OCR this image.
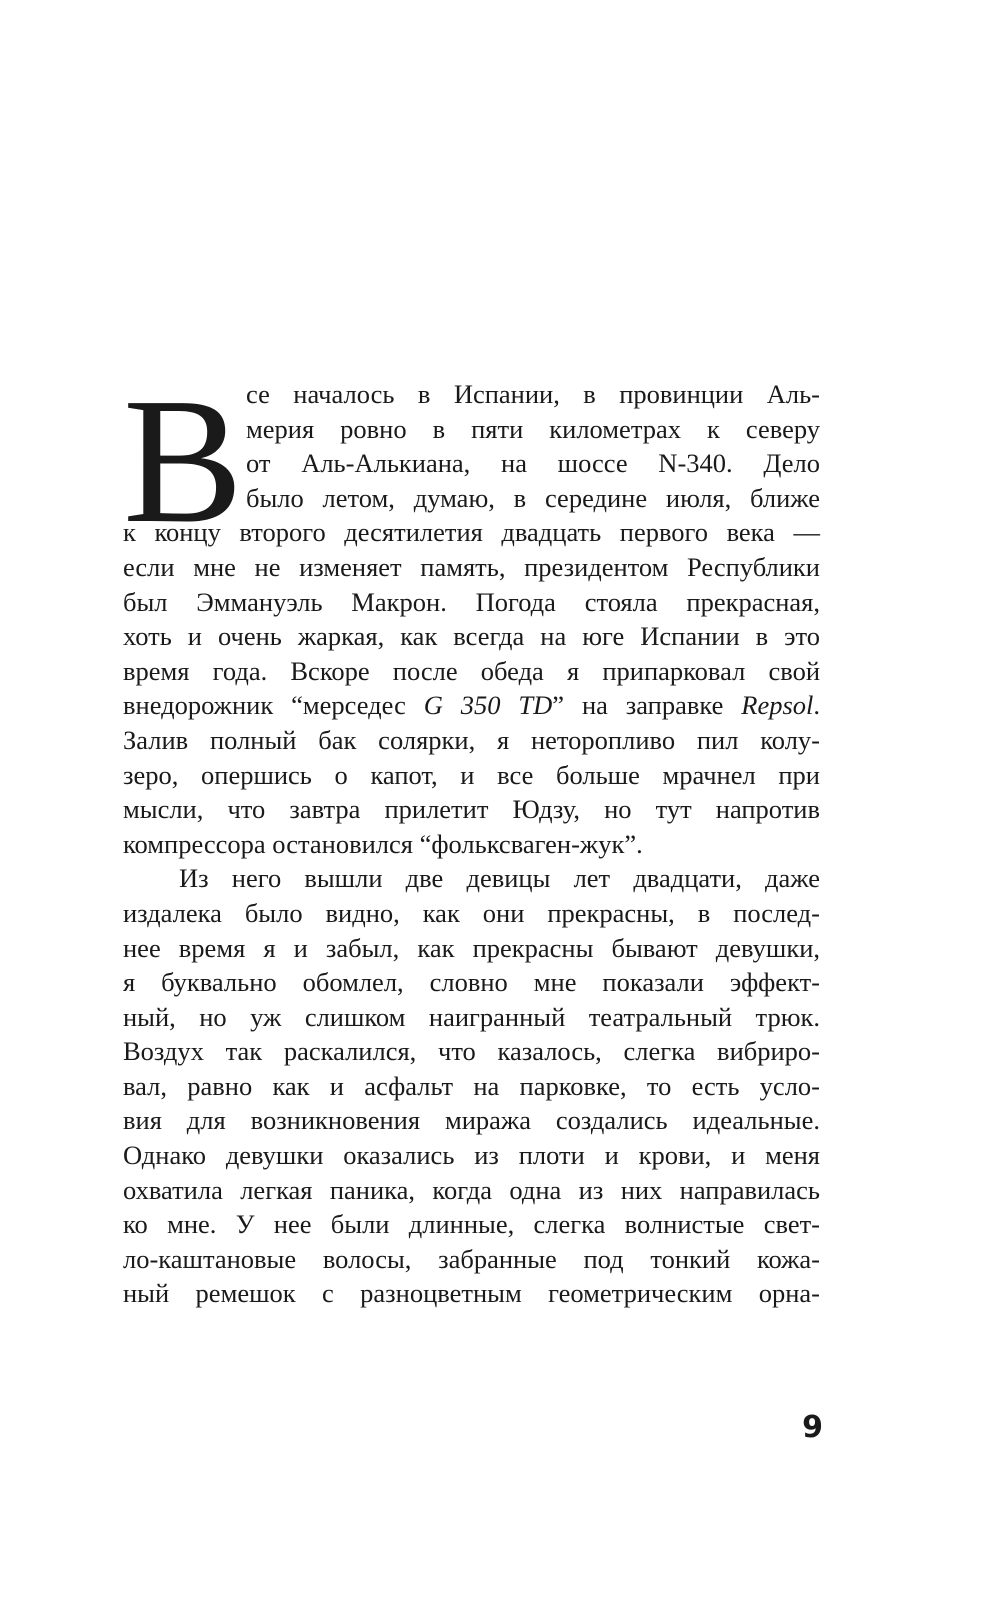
В се началось в Испании, в провинции Аль-
мерия ровно в пяти километрах к северу
от Аль-Алькиана, на шоссе N-340. Дело
было летом, думаю, в середине июля, ближе
к концу второго десятилетия двадцать первого века —
если мне не изменяет память, президентом Республики
был Эммануэль Макрон. Погода стояла прекрасная,
хоть и очень жаркая, как всегда на юге Испании в это
время года. Вскоре после обеда я припарковал свой
внедорожник “мерседес G 350 TD” на заправке Repsol.
Залив полный бак солярки, я неторопливо пил колу-
зеро, опершись о капот, и все больше мрачнел при
мысли, что завтра прилетит Юдзу, но тут напротив
компрессора остановился “фольксваген-жук”.
Из него вышли две девицы лет двадцати, даже
издалека было видно, как они прекрасны, в послед-
нее время я и забыл, как прекрасны бывают девушки,
я буквально обомлел, словно мне показали эффект-
ный, но уж слишком наигранный театральный трюк.
Воздух так раскалился, что казалось, слегка вибриро-
вал, равно как и асфальт на парковке, то есть усло-
вия для возникновения миража создались идеальные.
Однако девушки оказались из плоти и крови, и меня
охватила легкая паника, когда одна из них направилась
ко мне. У нее были длинные, слегка волнистые свет-
ло-каштановые волосы, забранные под тонкий кожа-
ный ремешок с разноцветным геометрическим орна-
9
